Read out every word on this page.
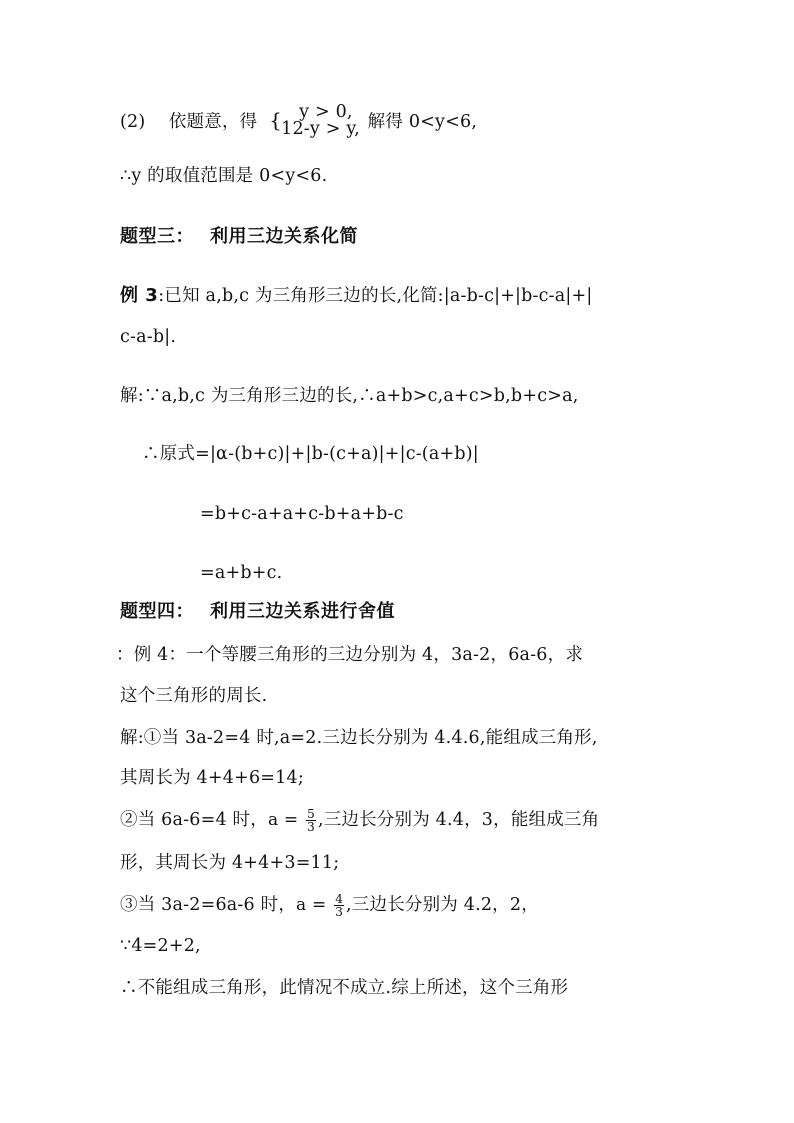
(2)　 依题意，得 { y > 0,
12-y > y, 解得 0<y<6,
∴y 的取值范围是 0<y<6.
题型三： 利用三边关系化简
例 3:已知 a,b,c 为三角形三边的长,化简:|a-b-c|+|b-c-a|+|
c-a-b|.
解:∵a,b,c 为三角形三边的长,∴a+b>c,a+c>b,b+c>a,
∴原式=|α-(b+c)|+|b-(c+a)|+|c-(a+b)|
=b+c-a+a+c-b+a+b-c
=a+b+c.
题型四： 利用三边关系进行舍值
：例 4：一个等腰三角形的三边分别为 4，3a-2，6a-6，求
这个三角形的周长.
解:①当 3a-2=4 时,a=2.三边长分别为 4.4.6,能组成三角形,
其周长为 4+4+6=14;
②当 6a-6=4 时，$a = \frac{5}{3}$ ,三边长分别为 4.4，3，能组成三角
形，其周长为 4+4+3=11;
③当 3a-2=6a-6 时，$a = \frac{4}{3}$ ,三边长分别为 4.2，2，
∵4=2+2,
∴不能组成三角形，此情况不成立.综上所述，这个三角形
